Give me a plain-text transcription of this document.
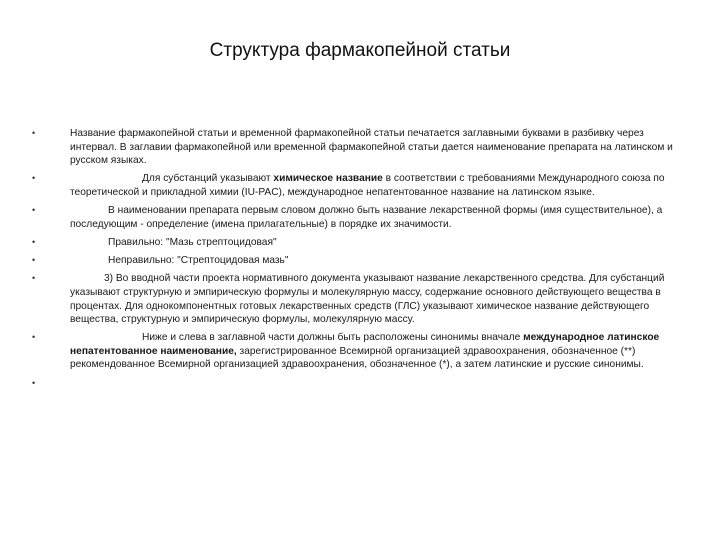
Структура фармакопейной статьи
•	Название фармакопейной статьи и временной фармакопейной статьи печатается заглавными буквами в разбивку через интервал. В заглавии фармакопейной или временной фармакопейной статьи дается наименование препарата на латинском и русском языках.
•	Для субстанций указывают химическое название в соответствии с требованиями Международного союза по теоретической и прикладной химии (IU-PAC), международное непатентованное название на латинском языке.
•	В наименовании препарата первым словом должно быть название лекарственной формы (имя существительное), а последующим - определение (имена прилагательные) в порядке их значимости.
•	Правильно: "Мазь стрептоцидовая"
•	Неправильно: "Стрептоцидовая мазь"
•	3) Во вводной части проекта нормативного документа указывают название лекарственного средства. Для субстанций указывают структурную и эмпирическую формулы и молекулярную массу, содержание основного действующего вещества в процентах. Для однокомпонентных готовых лекарственных средств (ГЛС) указывают химическое название действующего вещества, структурную и эмпирическую формулы, молекулярную массу.
•	Ниже и слева в заглавной части должны быть расположены синонимы вначале международное латинское непатентованное наименование, зарегистрированное Всемирной организацией здравоохранения, обозначенное (**) рекомендованное Всемирной организацией здравоохранения, обозначенное (*), а затем латинские и русские синонимы.
•
